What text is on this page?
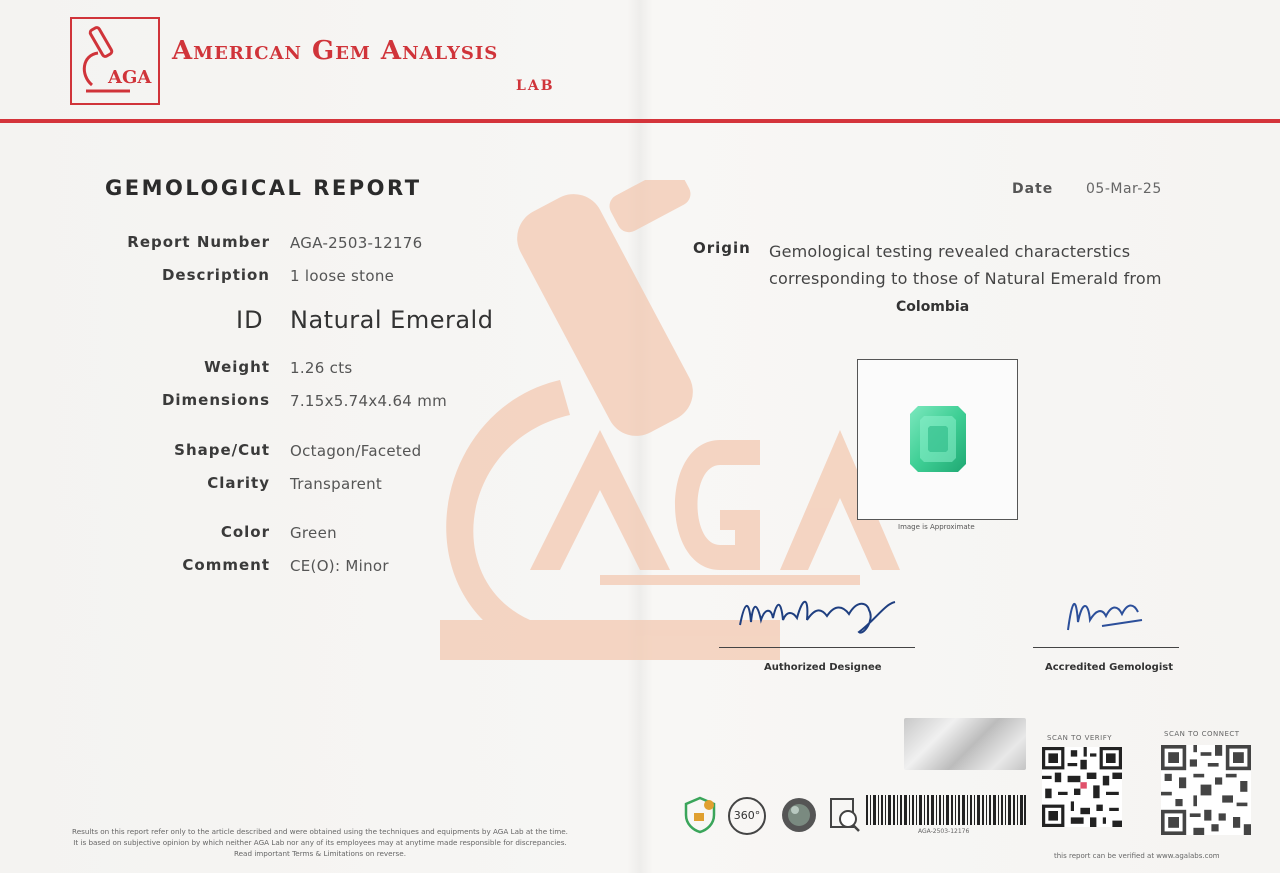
AGA
American Gem Analysis
LAB
GEMOLOGICAL REPORT	Date 05-Mar-25
Report Number AGA-2503-12176
Description 1 loose stone
ID Natural Emerald
Weight 1.26 cts
Dimensions 7.15x5.74x4.64 mm
Shape/Cut Octagon/Faceted
Clarity Transparent
Color Green
Comment CE(O): Minor
Origin Gemological testing revealed characterstics corresponding to those of Natural Emerald from
Colombia
Image is Approximate
Authorized Designee	Accredited Gemologist
Results on this report refer only to the article described and were obtained using the techniques and equipments by AGA Lab at the time.
It is based on subjective opinion by which neither AGA Lab nor any of its employees may at anytime made responsible for discrepancies.
Read important Terms & Limitations on reverse.
360°
AGA-2503-12176
SCAN TO VERIFY	SCAN TO CONNECT
this report can be verified at www.agalabs.com
